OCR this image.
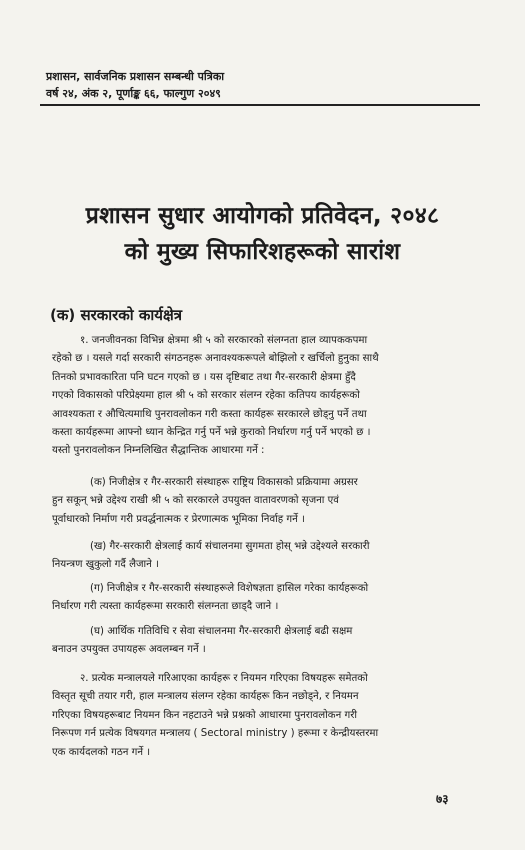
प्रशासन, सार्वजनिक प्रशासन सम्बन्धी पत्रिका
वर्ष २४, अंक २, पूर्णाङ्क ६६, फाल्गुण २०४९
प्रशासन सुधार आयोगको प्रतिवेदन, २०४८
को मुख्य सिफारिशहरूको सारांश
(क) सरकारको कार्यक्षेत्र
१. जनजीवनका विभिन्न क्षेत्रमा श्री ५ को सरकारको संलग्नता हाल व्यापककपमा
रहेको छ । यसले गर्दा सरकारी संगठनहरू अनावश्यकरूपले बोझिलो र खर्चिलो हुनुका साथै
तिनको प्रभावकारिता पनि घटन गएको छ । यस दृष्टिबाट तथा गैर-सरकारी क्षेत्रमा हुँदै
गएको विकासको परिप्रेक्ष्यमा हाल श्री ५ को सरकार संलग्न रहेका कतिपय कार्यहरूको
आवश्यकता र औचित्यमाथि पुनरावलोकन गरी कस्ता कार्यहरू सरकारले छोड्नु पर्ने तथा
कस्ता कार्यहरूमा आफ्नो ध्यान केन्द्रित गर्नु पर्ने भन्ने कुराको निर्धारण गर्नु पर्ने भएको छ ।
यस्तो पुनरावलोकन निम्नलिखित सैद्धान्तिक आधारमा गर्ने :
(क) निजीक्षेत्र र गैर-सरकारी संस्थाहरू राष्ट्रिय विकासको प्रक्रियामा अग्रसर
हुन सकून् भन्ने उद्देश्य राखी श्री ५ को सरकारले उपयुक्त वातावरणको सृजना एवं
पूर्वाधारको निर्माण गरी प्रवर्द्धनात्मक र प्रेरणात्मक भूमिका निर्वाह गर्ने ।
(ख) गैर-सरकारी क्षेत्रलाई कार्य संचालनमा सुगमता होस् भन्ने उद्देश्यले सरकारी
नियन्त्रण खुकुलो गर्दै लैजाने ।
(ग) निजीक्षेत्र र गैर-सरकारी संस्थाहरूले विशेषज्ञता हासिल गरेका कार्यहरूको
निर्धारण गरी त्यस्ता कार्यहरूमा सरकारी संलग्नता छाड्दै जाने ।
(घ) आर्थिक गतिविधि र सेवा संचालनमा गैर-सरकारी क्षेत्रलाई बढी सक्षम
बनाउन उपयुक्त उपायहरू अवलम्बन गर्ने ।
२. प्रत्येक मन्त्रालयले गरिआएका कार्यहरू र नियमन गरिएका विषयहरू समेतको
विस्तृत सूची तयार गरी, हाल मन्त्रालय संलग्न रहेका कार्यहरू किन नछोड्ने, र नियमन
गरिएका विषयहरूबाट नियमन किन नहटाउने भन्ने प्रश्नको आधारमा पुनरावलोकन गरी
निरूपण गर्न प्रत्येक विषयगत मन्त्रालय ( Sectoral ministry ) हरूमा र केन्द्रीयस्तरमा
एक कार्यदलको गठन गर्ने ।
७३
